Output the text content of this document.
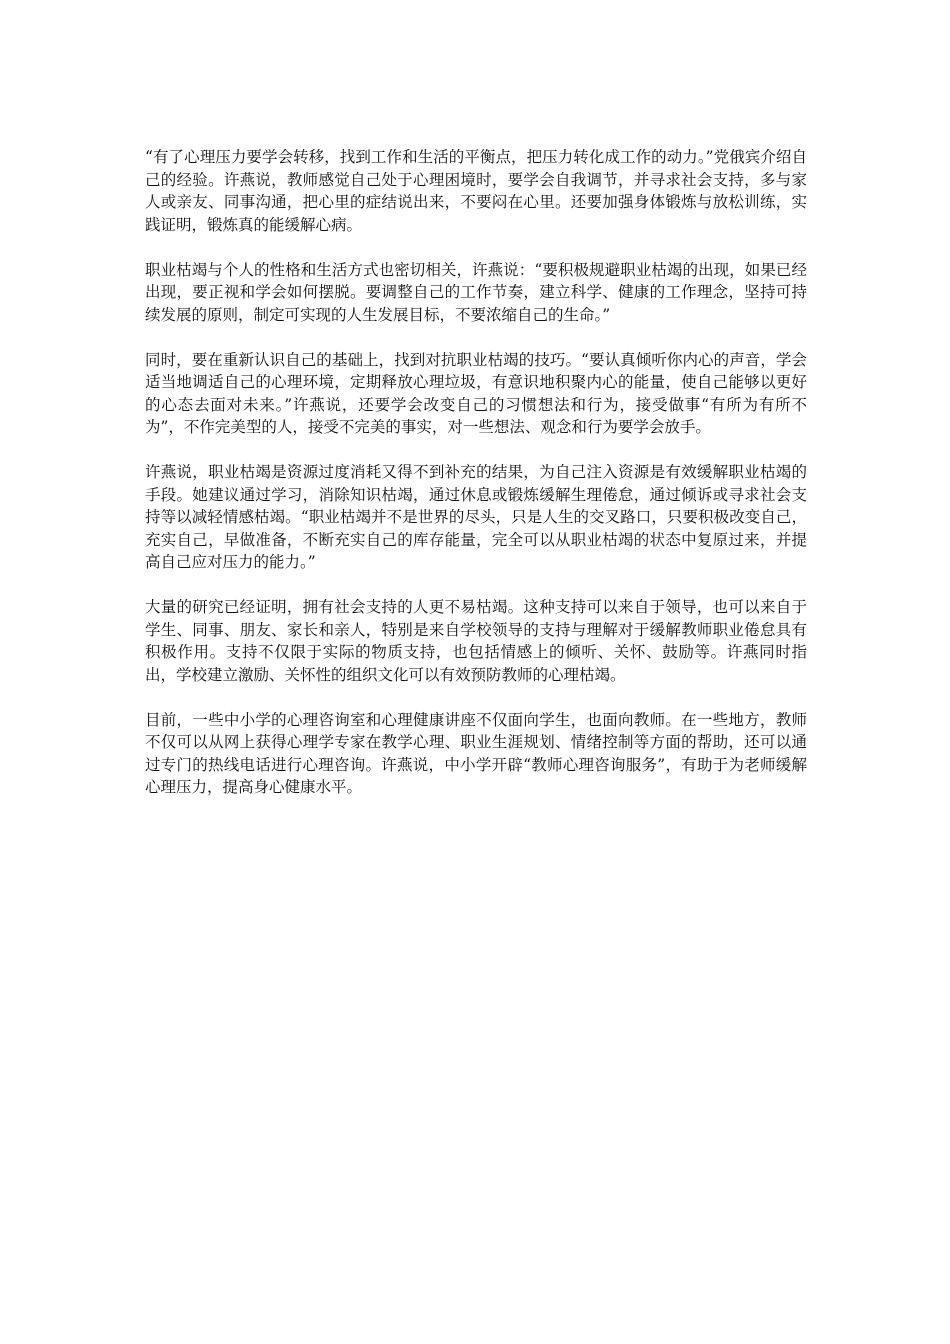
“有了心理压力要学会转移，找到工作和生活的平衡点，把压力转化成工作的动力。”党俄宾介绍自己的经验。许燕说，教师感觉自己处于心理困境时，要学会自我调节，并寻求社会支持，多与家人或亲友、同事沟通，把心里的症结说出来，不要闷在心里。还要加强身体锻炼与放松训练，实践证明，锻炼真的能缓解心病。

职业枯竭与个人的性格和生活方式也密切相关，许燕说：“要积极规避职业枯竭的出现，如果已经出现，要正视和学会如何摆脱。要调整自己的工作节奏，建立科学、健康的工作理念，坚持可持续发展的原则，制定可实现的人生发展目标，不要浓缩自己的生命。”

同时，要在重新认识自己的基础上，找到对抗职业枯竭的技巧。“要认真倾听你内心的声音，学会适当地调适自己的心理环境，定期释放心理垃圾，有意识地积聚内心的能量，使自己能够以更好的心态去面对未来。”许燕说，还要学会改变自己的习惯想法和行为，接受做事“有所为有所不为”，不作完美型的人，接受不完美的事实，对一些想法、观念和行为要学会放手。

许燕说，职业枯竭是资源过度消耗又得不到补充的结果，为自己注入资源是有效缓解职业枯竭的手段。她建议通过学习，消除知识枯竭，通过休息或锻炼缓解生理倦怠，通过倾诉或寻求社会支持等以减轻情感枯竭。“职业枯竭并不是世界的尽头，只是人生的交叉路口，只要积极改变自己，充实自己，早做准备，不断充实自己的库存能量，完全可以从职业枯竭的状态中复原过来，并提高自己应对压力的能力。”

大量的研究已经证明，拥有社会支持的人更不易枯竭。这种支持可以来自于领导，也可以来自于学生、同事、朋友、家长和亲人，特别是来自学校领导的支持与理解对于缓解教师职业倦怠具有积极作用。支持不仅限于实际的物质支持，也包括情感上的倾听、关怀、鼓励等。许燕同时指出，学校建立激励、关怀性的组织文化可以有效预防教师的心理枯竭。

目前，一些中小学的心理咨询室和心理健康讲座不仅面向学生，也面向教师。在一些地方，教师不仅可以从网上获得心理学专家在教学心理、职业生涯规划、情绪控制等方面的帮助，还可以通过专门的热线电话进行心理咨询。许燕说，中小学开辟“教师心理咨询服务”，有助于为老师缓解心理压力，提高身心健康水平。
